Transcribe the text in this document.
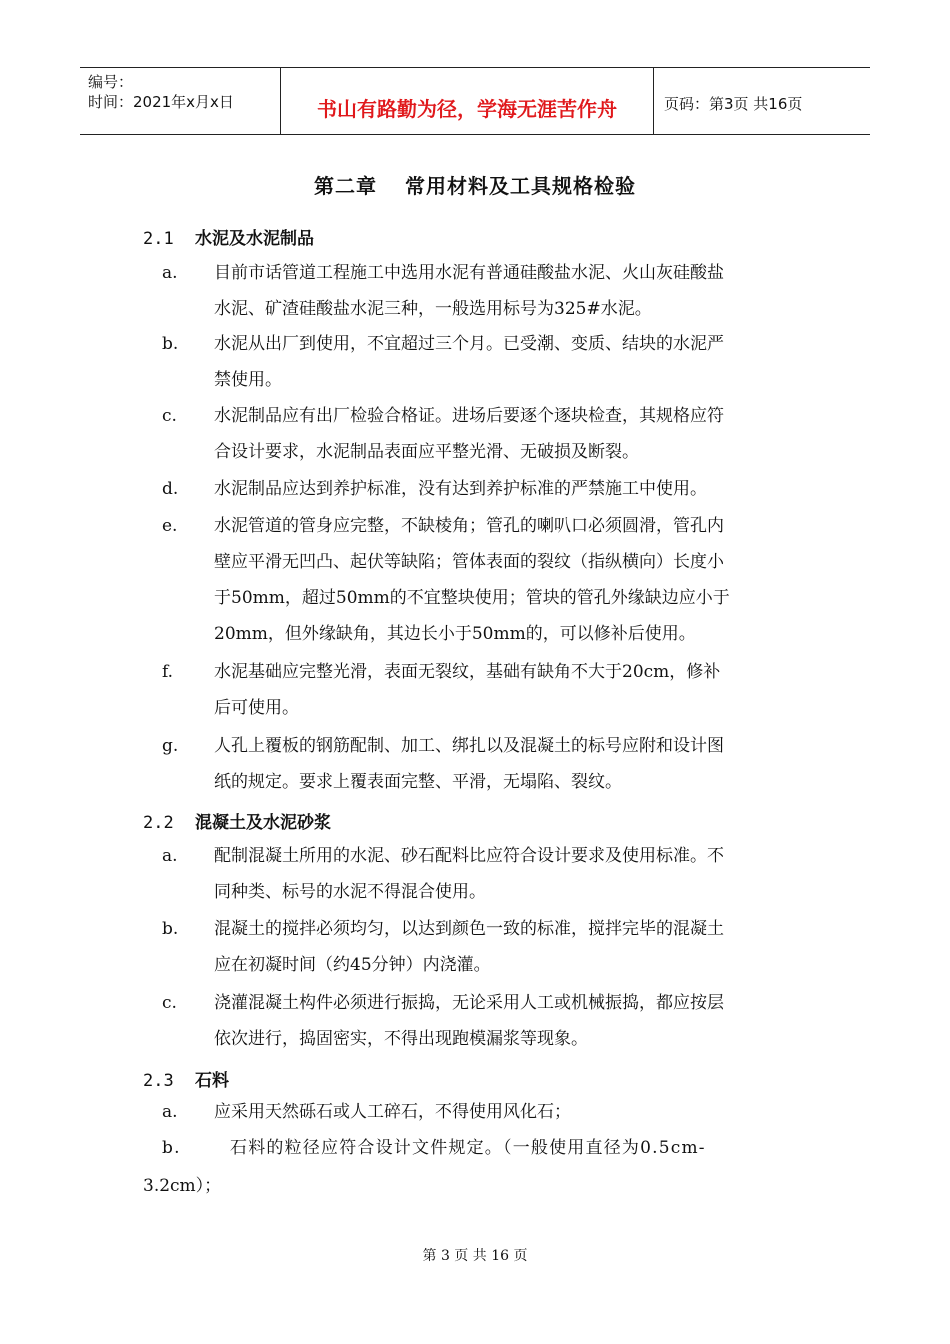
编号：
时间：2021年x月x日	书山有路勤为径，学海无涯苦作舟	页码：第3页 共16页
第二章 常用材料及工具规格检验
2.1 水泥及水泥制品
a. 目前市话管道工程施工中选用水泥有普通硅酸盐水泥、火山灰硅酸盐
水泥、矿渣硅酸盐水泥三种，一般选用标号为325#水泥。
b. 水泥从出厂到使用，不宜超过三个月。已受潮、变质、结块的水泥严
禁使用。
c. 水泥制品应有出厂检验合格证。进场后要逐个逐块检查，其规格应符
合设计要求，水泥制品表面应平整光滑、无破损及断裂。
d. 水泥制品应达到养护标准，没有达到养护标准的严禁施工中使用。
e. 水泥管道的管身应完整，不缺棱角；管孔的喇叭口必须圆滑，管孔内
壁应平滑无凹凸、起伏等缺陷；管体表面的裂纹（指纵横向）长度小
于50mm，超过50mm的不宜整块使用；管块的管孔外缘缺边应小于
20mm，但外缘缺角，其边长小于50mm的，可以修补后使用。
f. 水泥基础应完整光滑，表面无裂纹，基础有缺角不大于20cm，修补
后可使用。
g. 人孔上覆板的钢筋配制、加工、绑扎以及混凝土的标号应附和设计图
纸的规定。要求上覆表面完整、平滑，无塌陷、裂纹。
2.2 混凝土及水泥砂浆
a. 配制混凝土所用的水泥、砂石配料比应符合设计要求及使用标准。不
同种类、标号的水泥不得混合使用。
b. 混凝土的搅拌必须均匀，以达到颜色一致的标准，搅拌完毕的混凝土
应在初凝时间（约45分钟）内浇灌。
c. 浇灌混凝土构件必须进行振捣，无论采用人工或机械振捣，都应按层
依次进行，捣固密实，不得出现跑模漏浆等现象。
2.3 石料
a. 应采用天然砾石或人工碎石，不得使用风化石；
b.	石料的粒径应符合设计文件规定。（一般使用直径为0.5cm-
3.2cm）；
第 3 页 共 16 页
